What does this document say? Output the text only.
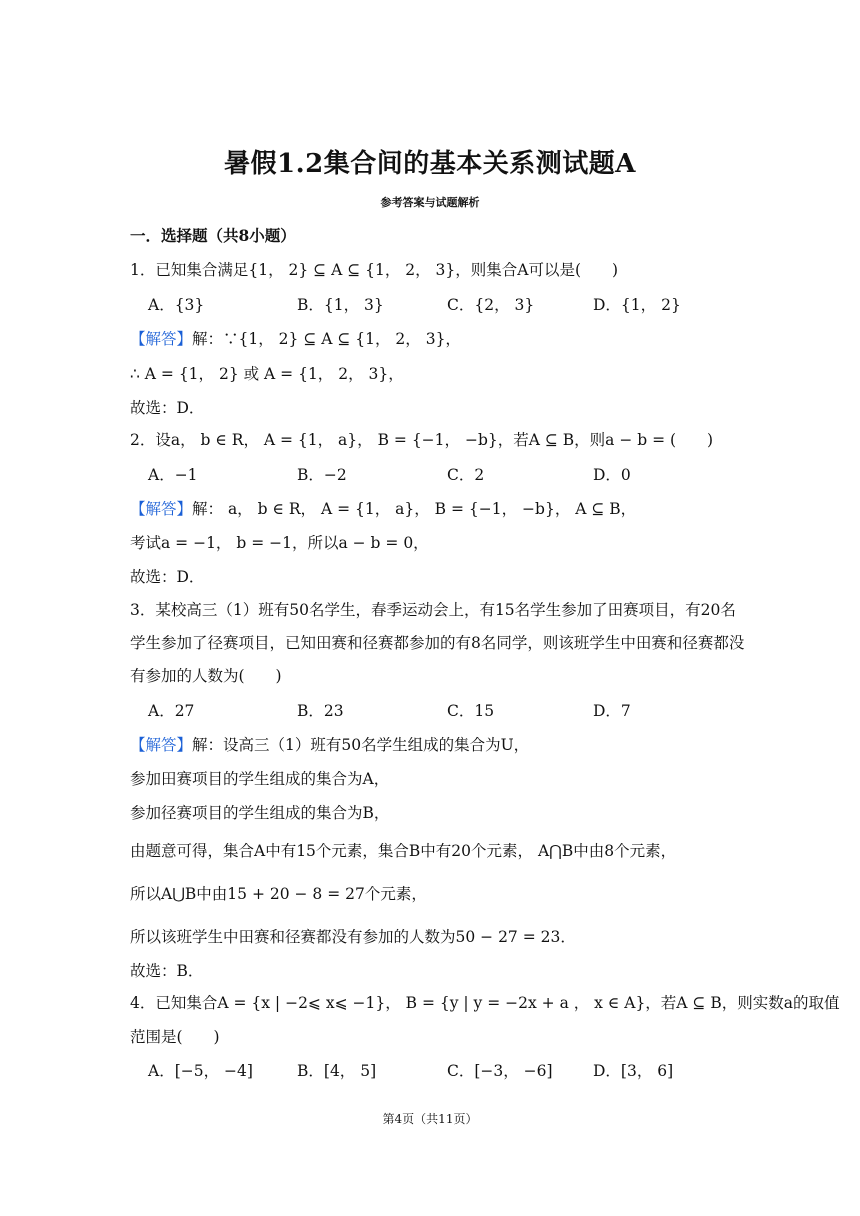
暑假1.2集合间的基本关系测试题A
参考答案与试题解析
一．选择题（共8小题）
1．已知集合满足{1， 2} ⊆ A ⊆ {1， 2， 3}，则集合A可以是(　　)
A．{3}	B．{1， 3}	C．{2， 3}	D．{1， 2}
【解答】解：∵{1， 2} ⊆ A ⊆ {1， 2， 3}，
∴ A = {1， 2} 或 A = {1， 2， 3}，
故选：D．
2．设a， b ∈ R， A = {1， a}， B = {−1， −b}，若A ⊆ B，则a − b = (　　)
A．−1	B．−2	C．2	D．0
【解答】解： a， b ∈ R， A = {1， a}， B = {−1， −b}， A ⊆ B，
考试a = −1， b = −1，所以a − b = 0，
故选：D．
3．某校高三（1）班有50名学生，春季运动会上，有15名学生参加了田赛项目，有20名
学生参加了径赛项目，已知田赛和径赛都参加的有8名同学，则该班学生中田赛和径赛都没
有参加的人数为(　　)
A．27	B．23	C．15	D．7
【解答】解：设高三（1）班有50名学生组成的集合为U，
参加田赛项目的学生组成的集合为A，
参加径赛项目的学生组成的集合为B，
由题意可得，集合A中有15个元素，集合B中有20个元素， A⋂B中由8个元素，
所以A⋃B中由15 + 20 − 8 = 27个元素，
所以该班学生中田赛和径赛都没有参加的人数为50 − 27 = 23．
故选：B．
4．已知集合A = {x | −2⩽ x⩽ −1}， B = {y | y = −2x + a ， x ∈ A}，若A ⊆ B，则实数a的取值
范围是(　　)
A．[−5， −4]	B．[4， 5]	C．[−3， −6]	D．[3， 6]
第4页（共11页）
